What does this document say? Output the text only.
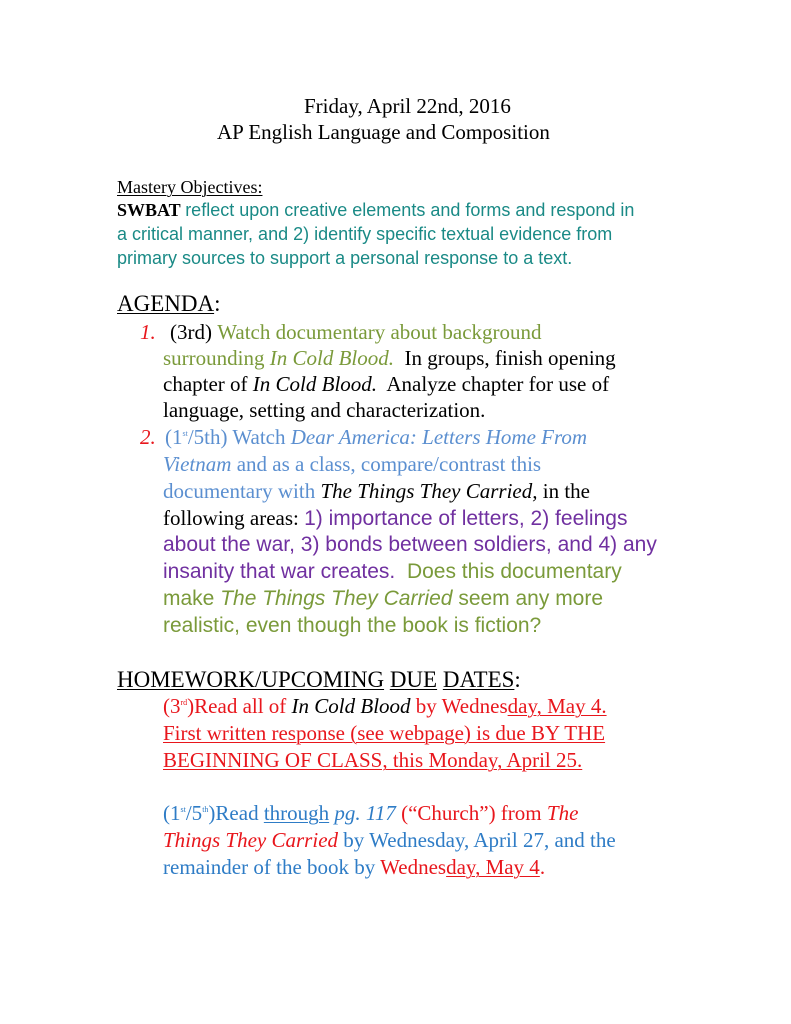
Friday, April 22nd, 2016
AP English Language and Composition
Mastery Objectives:
SWBAT reflect upon creative elements and forms and respond in
a critical manner, and 2) identify specific textual evidence from
primary sources to support a personal response to a text.
AGENDA:
1. (3rd) Watch documentary about background
surrounding In Cold Blood. In groups, finish opening
chapter of In Cold Blood. Analyze chapter for use of
language, setting and characterization.
2. (1st/5th) Watch Dear America: Letters Home From
Vietnam and as a class, compare/contrast this
documentary with The Things They Carried, in the
following areas: 1) importance of letters, 2) feelings
about the war, 3) bonds between soldiers, and 4) any
insanity that war creates. Does this documentary
make The Things They Carried seem any more
realistic, even though the book is fiction?
HOMEWORK/UPCOMING DUE DATES:
(3rd)Read all of In Cold Blood by Wednesday, May 4.
First written response (see webpage) is due BY THE
BEGINNING OF CLASS, this Monday, April 25.
(1st/5th)Read through pg. 117 (“Church”) from The
Things They Carried by Wednesday, April 27, and the
remainder of the book by Wednesday, May 4.
